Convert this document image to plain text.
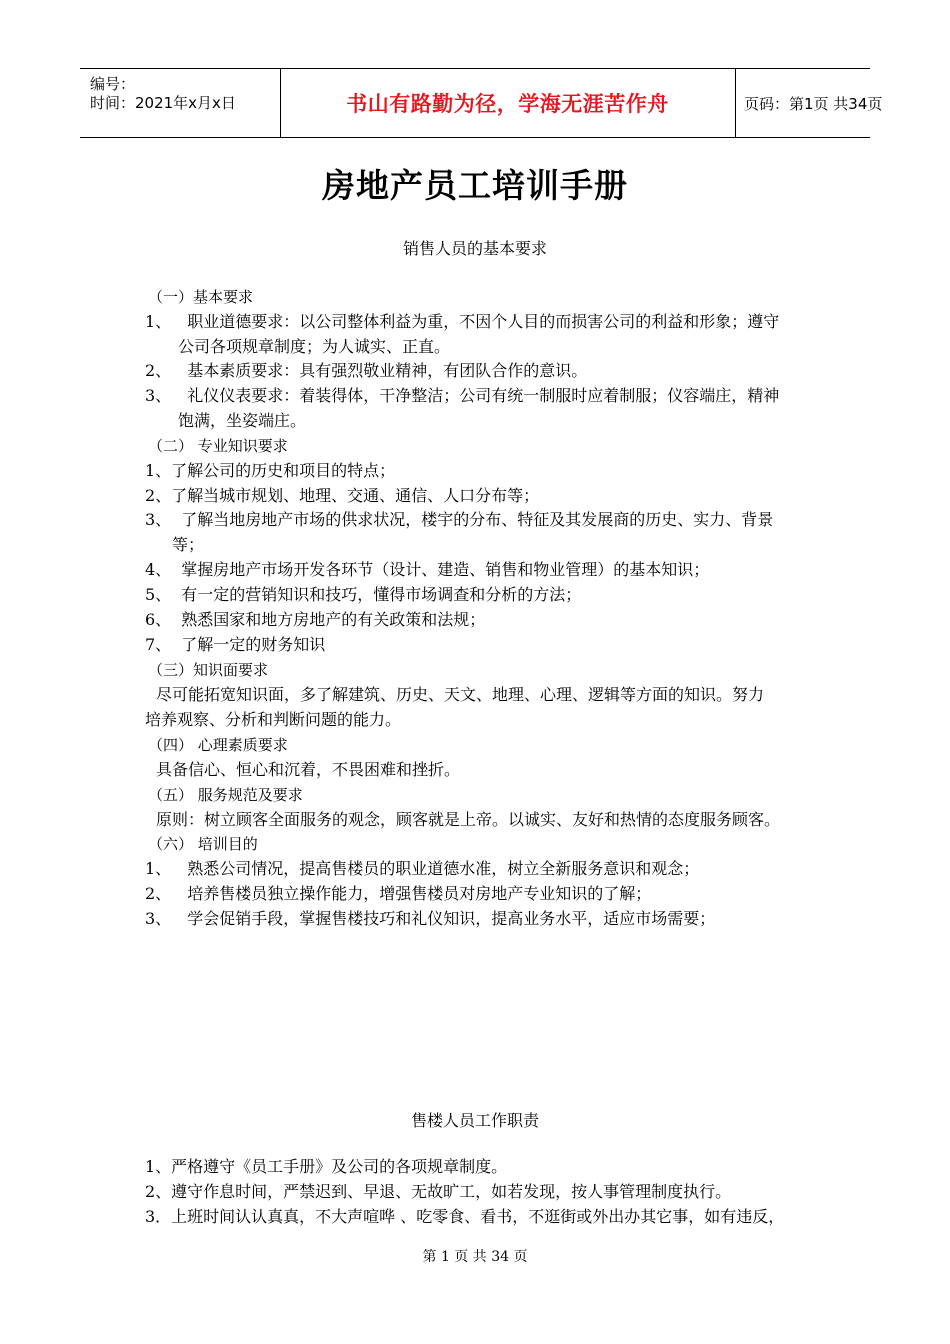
编号：
时间：2021年x月x日	书山有路勤为径，学海无涯苦作舟	页码：第1页 共34页
房地产员工培训手册
销售人员的基本要求
（一）基本要求
1、 职业道德要求：以公司整体利益为重，不因个人目的而损害公司的利益和形象；遵守
公司各项规章制度；为人诚实、正直。
2、 基本素质要求：具有强烈敬业精神，有团队合作的意识。
3、 礼仪仪表要求：着装得体，干净整洁；公司有统一制服时应着制服；仪容端庄，精神
饱满，坐姿端庄。
（二） 专业知识要求
1、了解公司的历史和项目的特点；
2、了解当城市规划、地理、交通、通信、人口分布等；
3、 了解当地房地产市场的供求状况，楼宇的分布、特征及其发展商的历史、实力、背景
等；
4、 掌握房地产市场开发各环节（设计、建造、销售和物业管理）的基本知识；
5、 有一定的营销知识和技巧，懂得市场调查和分析的方法；
6、 熟悉国家和地方房地产的有关政策和法规；
7、 了解一定的财务知识
（三）知识面要求
尽可能拓宽知识面，多了解建筑、历史、天文、地理、心理、逻辑等方面的知识。努力
培养观察、分析和判断问题的能力。
（四） 心理素质要求
具备信心、恒心和沉着，不畏困难和挫折。
（五） 服务规范及要求
原则：树立顾客全面服务的观念，顾客就是上帝。以诚实、友好和热情的态度服务顾客。
（六） 培训目的
1、 熟悉公司情况，提高售楼员的职业道德水准，树立全新服务意识和观念；
2、 培养售楼员独立操作能力，增强售楼员对房地产专业知识的了解；
3、 学会促销手段，掌握售楼技巧和礼仪知识，提高业务水平，适应市场需要；
售楼人员工作职责
1、严格遵守《员工手册》及公司的各项规章制度。
2、遵守作息时间，严禁迟到、早退、无故旷工，如若发现，按人事管理制度执行。
3．上班时间认认真真，不大声喧哗 、吃零食、看书，不逛街或外出办其它事，如有违反，
第 1 页 共 34 页
